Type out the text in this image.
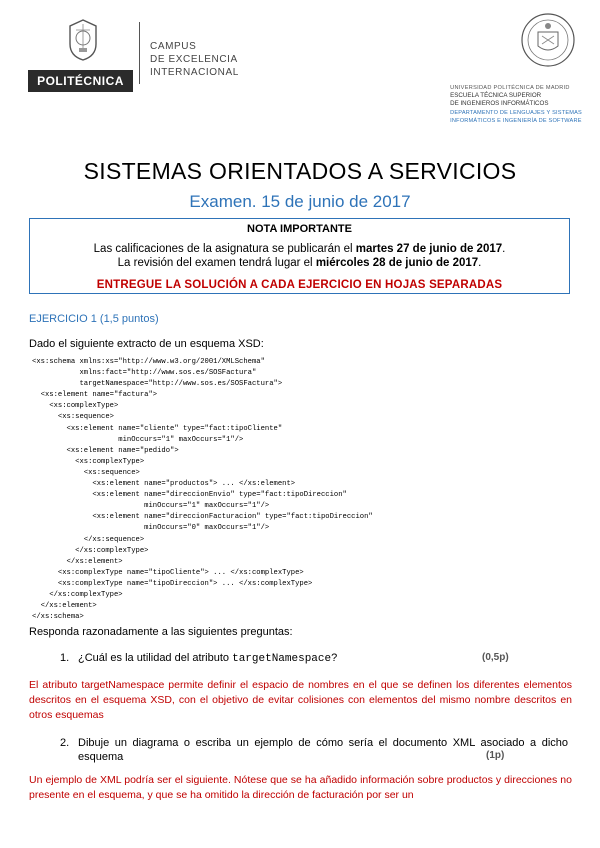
POLITÉCNICA
CAMPUS
DE EXCELENCIA
INTERNACIONAL
UNIVERSIDAD POLITÉCNICA DE MADRID
ESCUELA TÉCNICA SUPERIOR
DE INGENIEROS INFORMÁTICOS
DEPARTAMENTO DE LENGUAJES Y SISTEMAS
INFORMÁTICOS E INGENIERÍA DE SOFTWARE
SISTEMAS ORIENTADOS A SERVICIOS
Examen. 15 de junio de 2017
NOTA IMPORTANTE
Las calificaciones de la asignatura se publicarán el martes 27 de junio de 2017.
La revisión del examen tendrá lugar el miércoles 28 de junio de 2017.
ENTREGUE LA SOLUCIÓN A CADA EJERCICIO EN HOJAS SEPARADAS
EJERCICIO 1 (1,5 puntos)
Dado el siguiente extracto de un esquema XSD:
<xs:schema xmlns:xs="http://www.w3.org/2001/XMLSchema"
xmlns:fact="http://www.sos.es/SOSFactura"
targetNamespace="http://www.sos.es/SOSFactura">
<xs:element name="factura">
<xs:complexType>
<xs:sequence>
<xs:element name="cliente" type="fact:tipoCliente"
minOccurs="1" maxOccurs="1"/>
<xs:element name="pedido">
<xs:complexType>
<xs:sequence>
<xs:element name="productos"> ... </xs:element>
<xs:element name="direccionEnvio" type="fact:tipoDireccion"
minOccurs="1" maxOccurs="1"/>
<xs:element name="direccionFacturacion" type="fact:tipoDireccion"
minOccurs="0" maxOccurs="1"/>
</xs:sequence>
</xs:complexType>
</xs:element>
<xs:complexType name="tipoCliente"> ... </xs:complexType>
<xs:complexType name="tipoDireccion"> ... </xs:complexType>
</xs:complexType>
</xs:element>
</xs:schema>
Responda razonadamente a las siguientes preguntas:
1. ¿Cuál es la utilidad del atributo targetNamespace?	(0,5p)
El atributo targetNamespace permite definir el espacio de nombres en el que se definen los diferentes elementos descritos en el esquema XSD, con el objetivo de evitar colisiones con elementos del mismo nombre descritos en otros esquemas
2. Dibuje un diagrama o escriba un ejemplo de cómo sería el documento XML asociado a dicho esquema	(1p)
Un ejemplo de XML podría ser el siguiente. Nótese que se ha añadido información sobre productos y direcciones no presente en el esquema, y que se ha omitido la dirección de facturación por ser un
